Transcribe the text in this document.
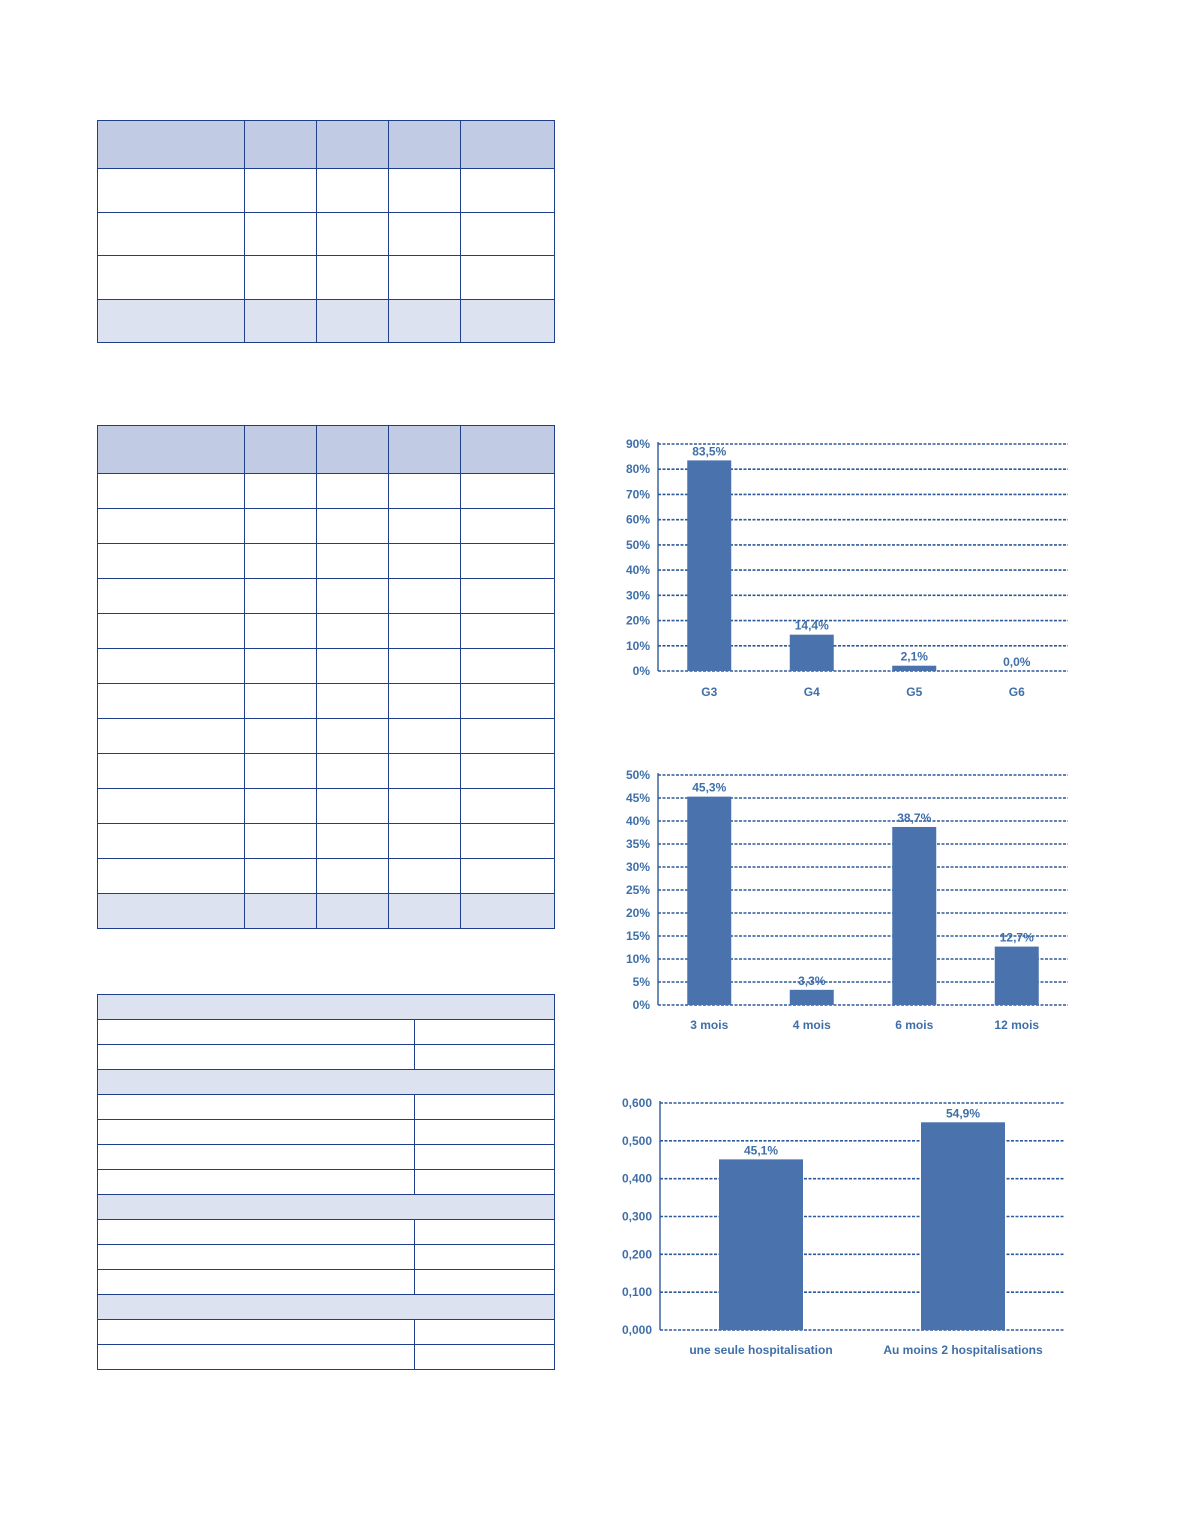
0%
10%
20%
30%
40%
50%
60%
70%
80%
90%
83,5%
G3
14,4%
G4
2,1%
G5
0,0%
G6
0%
5%
10%
15%
20%
25%
30%
35%
40%
45%
50%
45,3%
3 mois
3,3%
4 mois
38,7%
6 mois
12,7%
12 mois
0,000
0,100
0,200
0,300
0,400
0,500
0,600
45,1%
une seule hospitalisation
54,9%
Au moins 2 hospitalisations
